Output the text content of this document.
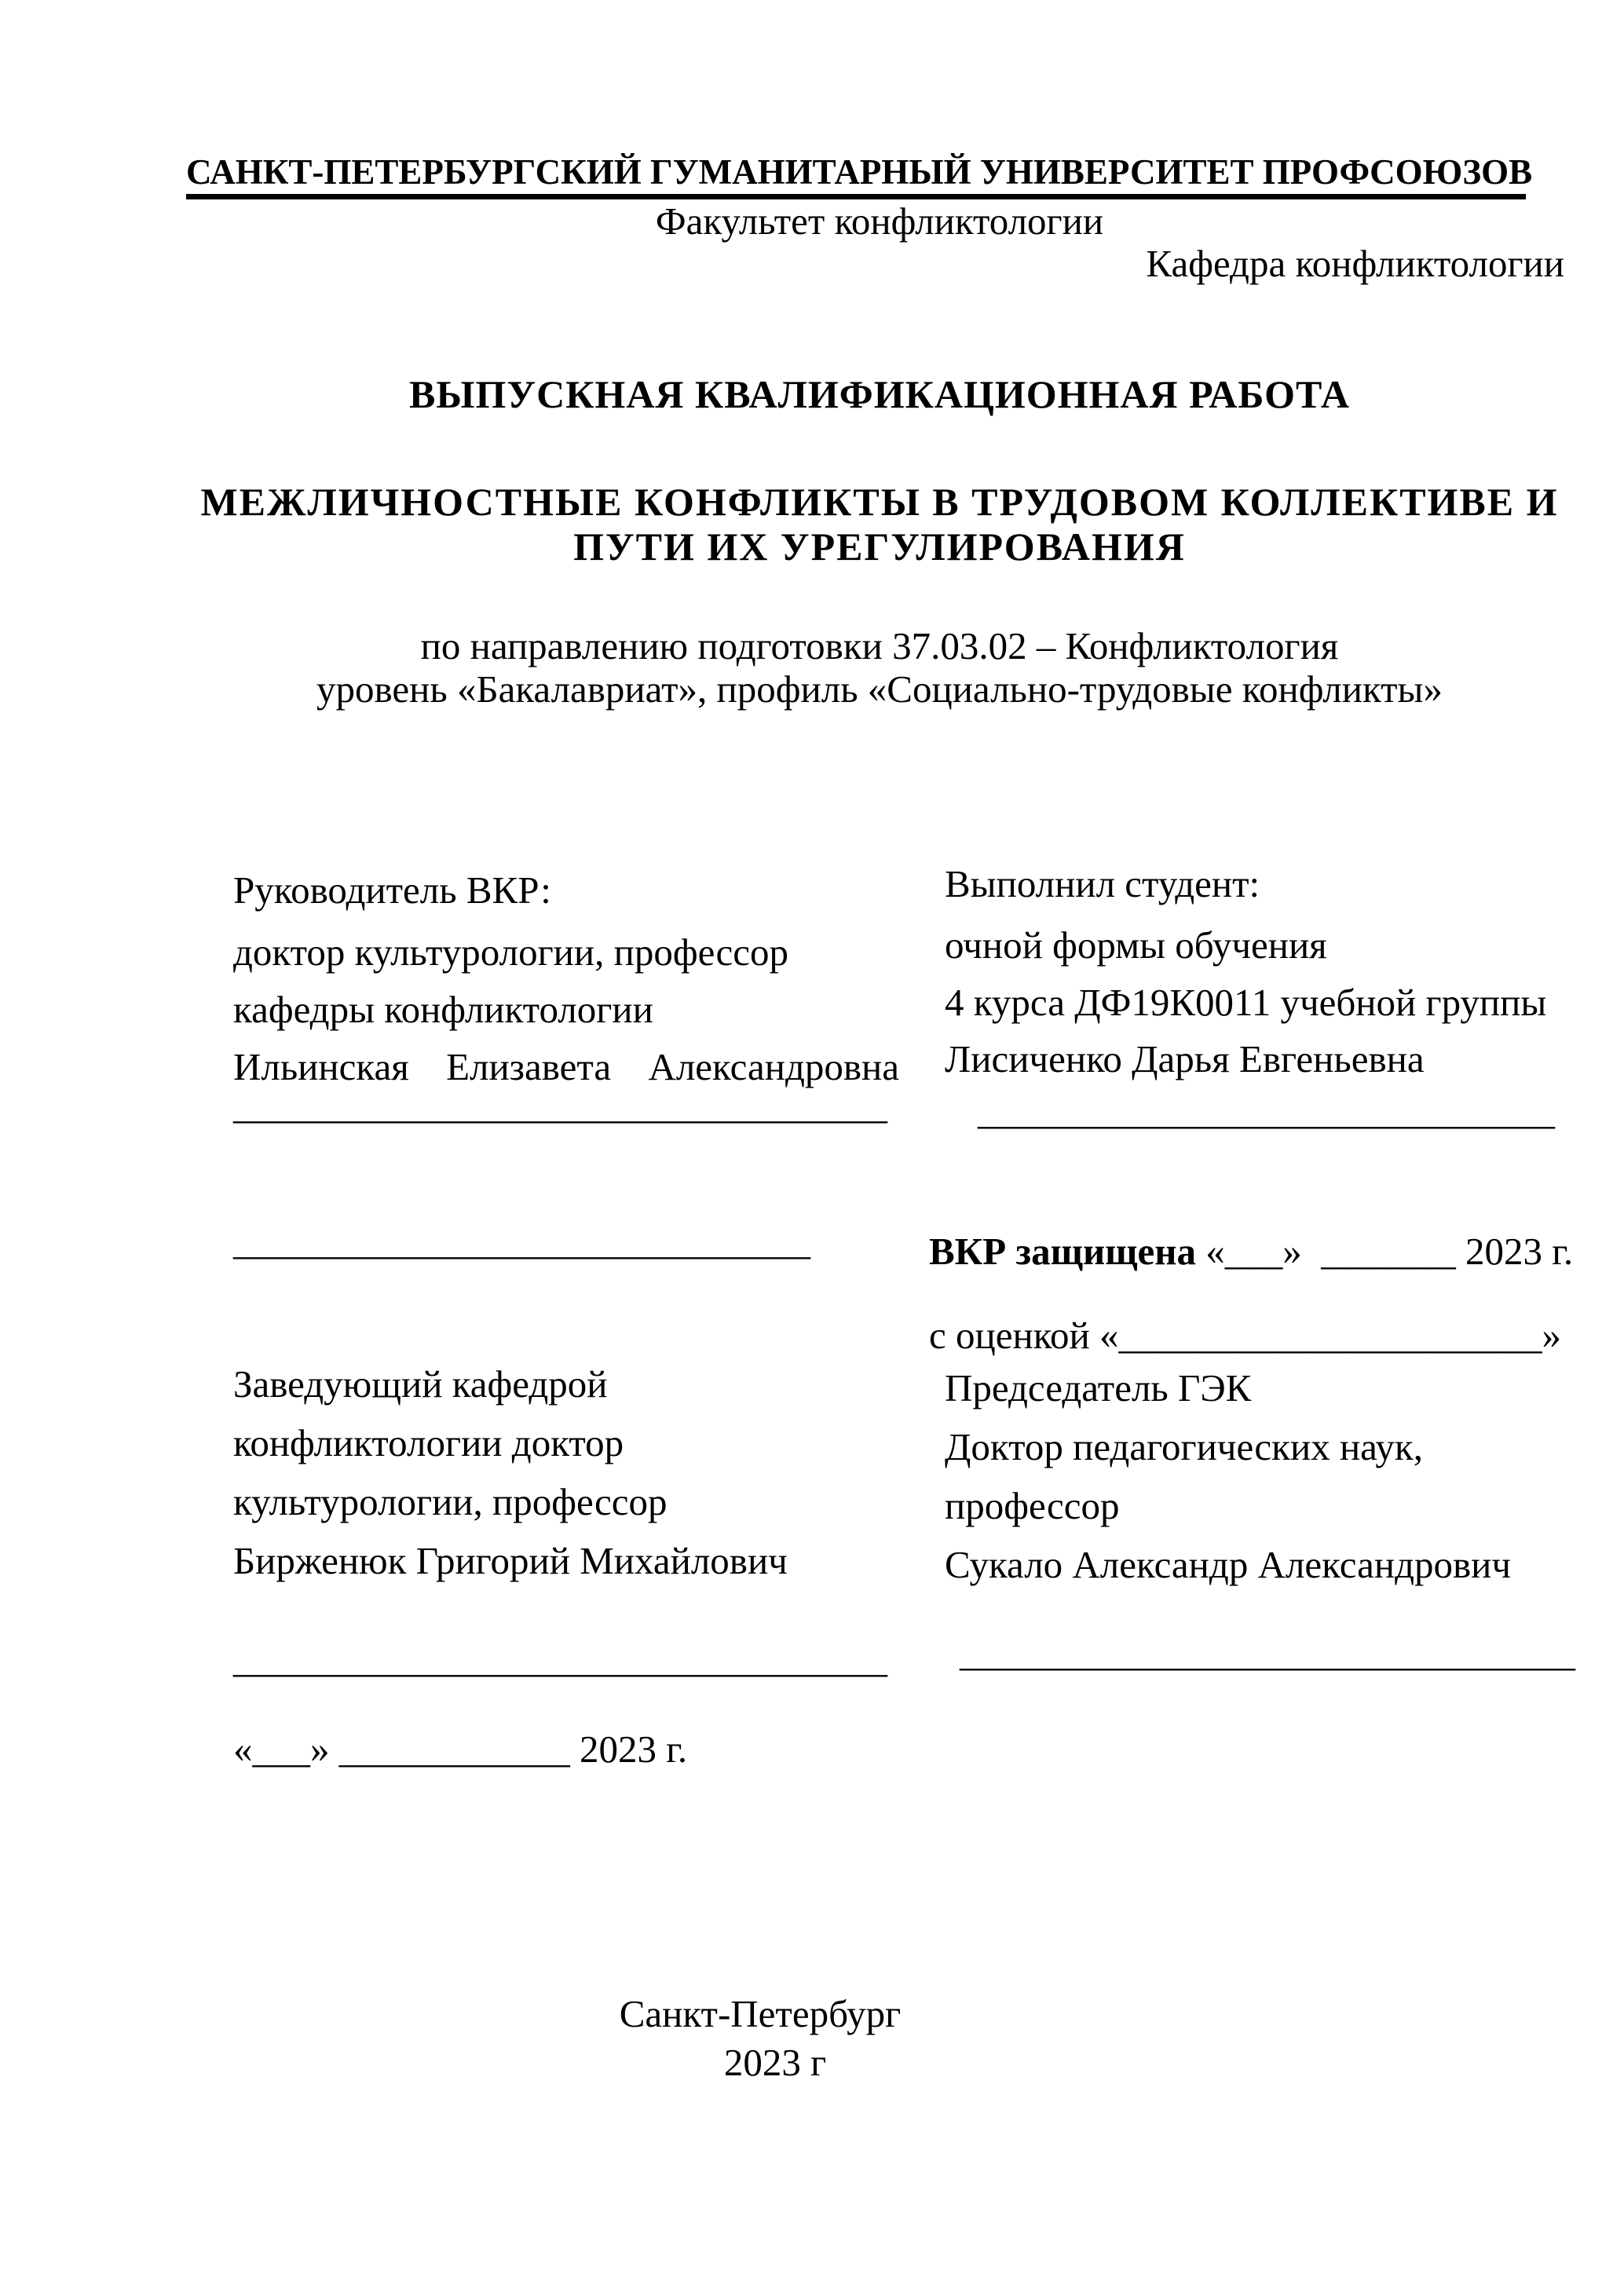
САНКТ-ПЕТЕРБУРГСКИЙ ГУМАНИТАРНЫЙ УНИВЕРСИТЕТ ПРОФСОЮЗОВ
Факультет конфликтологии
Кафедра конфликтологии
ВЫПУСКНАЯ КВАЛИФИКАЦИОННАЯ РАБОТА
МЕЖЛИЧНОСТНЫЕ КОНФЛИКТЫ В ТРУДОВОМ КОЛЛЕКТИВЕ И
ПУТИ ИХ УРЕГУЛИРОВАНИЯ
по направлению подготовки 37.03.02 – Конфликтология
уровень «Бакалавриат», профиль «Социально-трудовые конфликты»
Руководитель ВКР:
доктор культурологии, профессор
кафедры конфликтологии
Ильинская Елизавета Александровна
__________________________________
Выполнил студент:
очной формы обучения
4 курса ДФ19К0011 учебной группы
Лисиченко Дарья Евгеньевна
______________________________
______________________________	ВКР защищена «___»  _______ 2023 г.
с оценкой «______________________»
Заведующий кафедрой
конфликтологии доктор
культурологии, профессор
Бирженюк Григорий Михайлович
__________________________________
«___» ____________ 2023 г.
Председатель ГЭК
Доктор педагогических наук,
профессор
Сукало Александр Александрович
________________________________
Санкт-Петербург
2023 г
